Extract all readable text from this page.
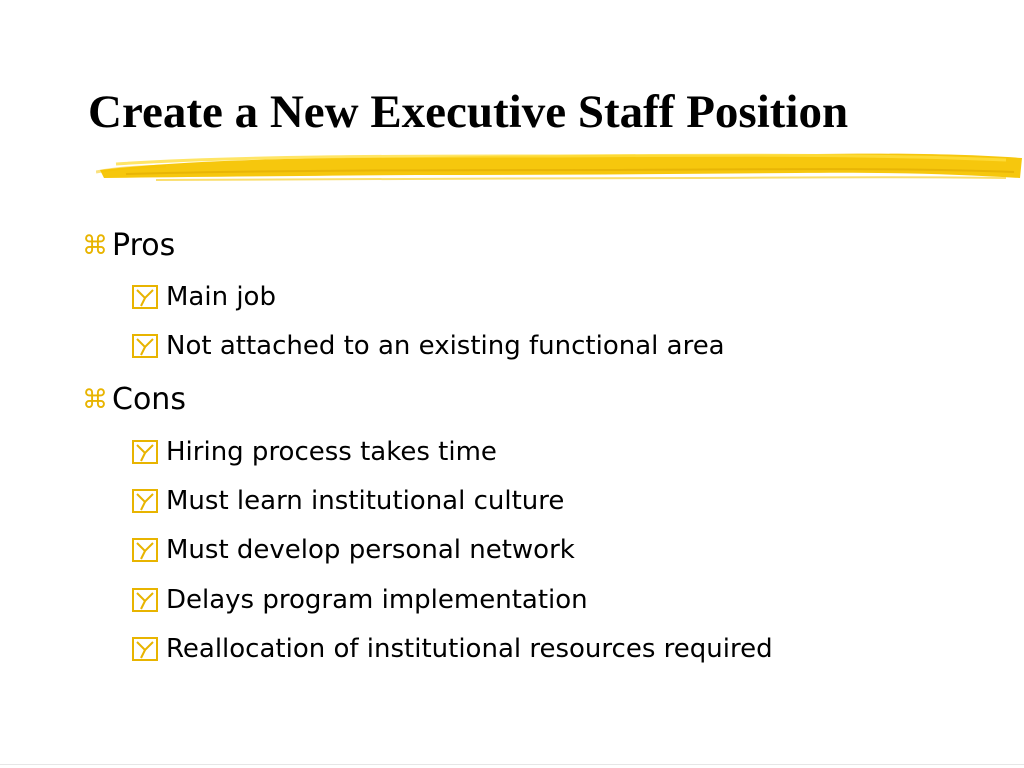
Create a New Executive Staff Position
⌘ Pros
Main job
Not attached to an existing functional area
⌘ Cons
Hiring process takes time
Must learn institutional culture
Must develop personal network
Delays program implementation
Reallocation of institutional resources required
